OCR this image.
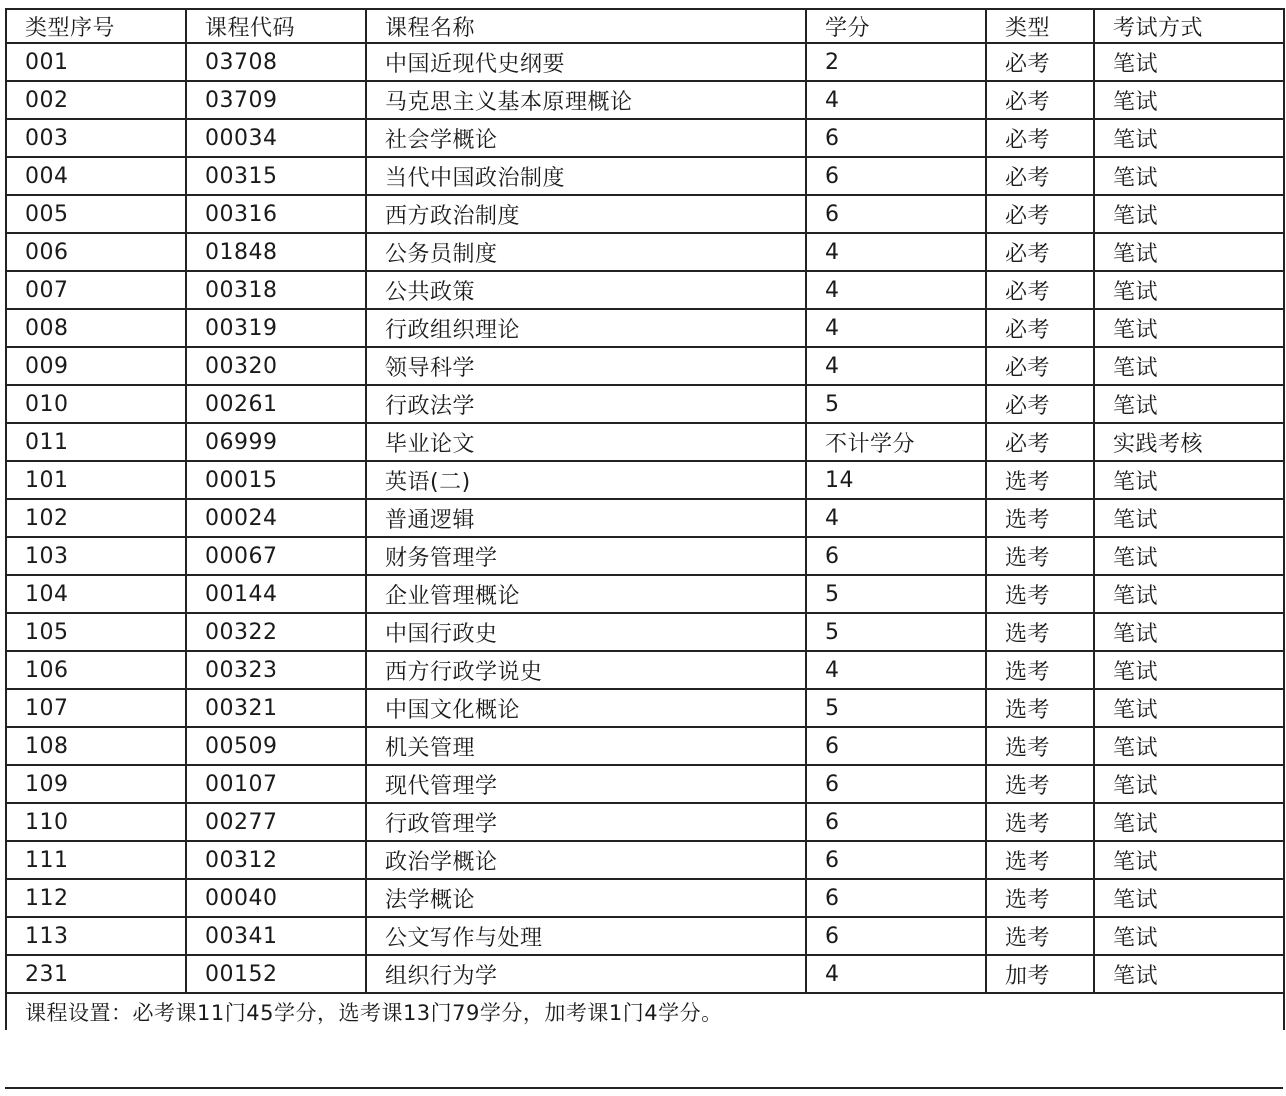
类型序号	课程代码	课程名称	学分	类型	考试方式
001	03708	中国近现代史纲要	2	必考	笔试
002	03709	马克思主义基本原理概论	4	必考	笔试
003	00034	社会学概论	6	必考	笔试
004	00315	当代中国政治制度	6	必考	笔试
005	00316	西方政治制度	6	必考	笔试
006	01848	公务员制度	4	必考	笔试
007	00318	公共政策	4	必考	笔试
008	00319	行政组织理论	4	必考	笔试
009	00320	领导科学	4	必考	笔试
010	00261	行政法学	5	必考	笔试
011	06999	毕业论文	不计学分	必考	实践考核
101	00015	英语(二)	14	选考	笔试
102	00024	普通逻辑	4	选考	笔试
103	00067	财务管理学	6	选考	笔试
104	00144	企业管理概论	5	选考	笔试
105	00322	中国行政史	5	选考	笔试
106	00323	西方行政学说史	4	选考	笔试
107	00321	中国文化概论	5	选考	笔试
108	00509	机关管理	6	选考	笔试
109	00107	现代管理学	6	选考	笔试
110	00277	行政管理学	6	选考	笔试
111	00312	政治学概论	6	选考	笔试
112	00040	法学概论	6	选考	笔试
113	00341	公文写作与处理	6	选考	笔试
231	00152	组织行为学	4	加考	笔试
课程设置：必考课11门45学分，选考课13门79学分，加考课1门4学分。					
